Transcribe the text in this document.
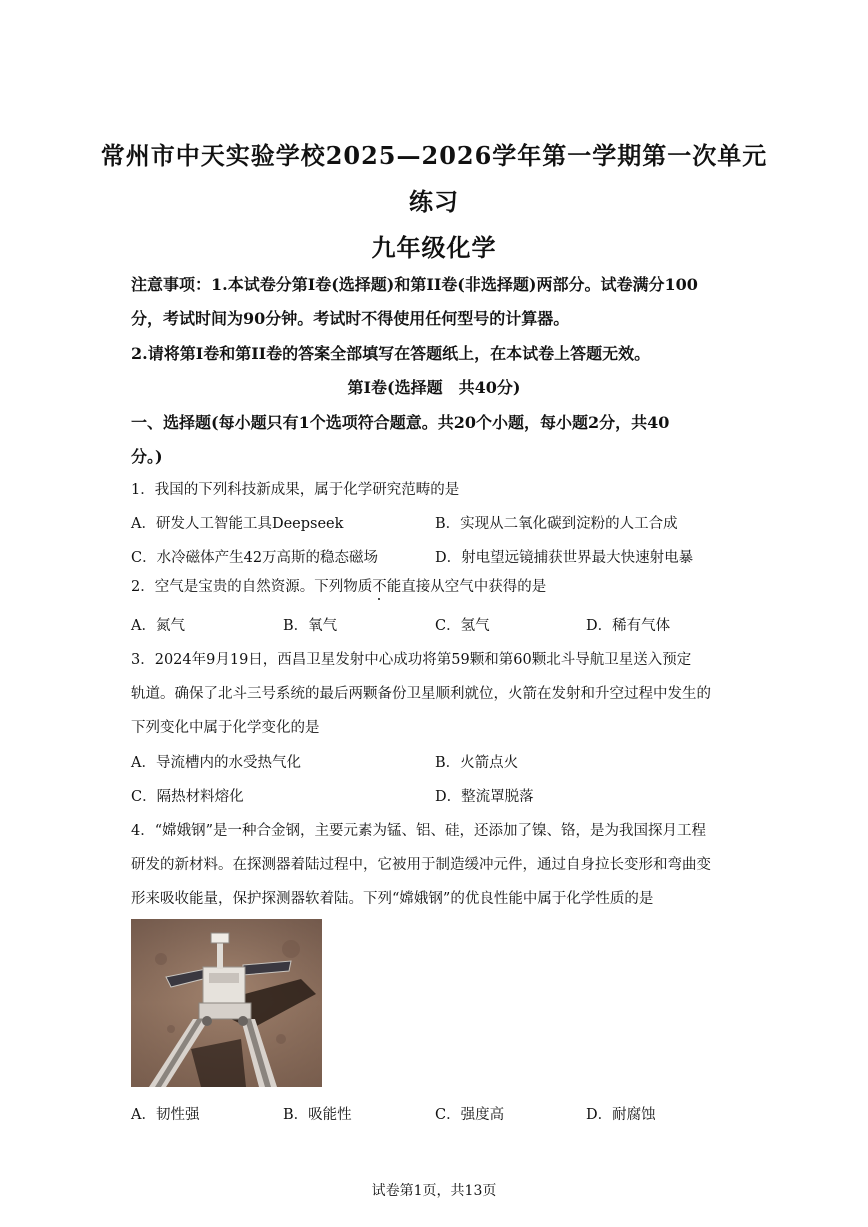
常州市中天实验学校2025—2026学年第一学期第一次单元
练习
九年级化学
注意事项：1.本试卷分第I卷(选择题)和第II卷(非选择题)两部分。试卷满分100
分，考试时间为90分钟。考试时不得使用任何型号的计算器。
2.请将第I卷和第II卷的答案全部填写在答题纸上，在本试卷上答题无效。
第I卷(选择题　共40分)
一、选择题(每小题只有1个选项符合题意。共20个小题，每小题2分，共40
分。)
1．我国的下列科技新成果，属于化学研究范畴的是
A．研发人工智能工具Deepseek	B．实现从二氧化碳到淀粉的人工合成
C．水冷磁体产生42万高斯的稳态磁场	D．射电望远镜捕获世界最大快速射电暴
2．空气是宝贵的自然资源。下列物质不能直接从空气中获得的是
A．氮气	B．氧气	C．氢气	D．稀有气体
3．2024年9月19日，西昌卫星发射中心成功将第59颗和第60颗北斗导航卫星送入预定
轨道。确保了北斗三号系统的最后两颗备份卫星顺利就位，火箭在发射和升空过程中发生的
下列变化中属于化学变化的是
A．导流槽内的水受热气化	B．火箭点火
C．隔热材料熔化	D．整流罩脱落
4．“嫦娥钢”是一种合金钢，主要元素为锰、铝、硅，还添加了镍、铬，是为我国探月工程
研发的新材料。在探测器着陆过程中，它被用于制造缓冲元件，通过自身拉长变形和弯曲变
形来吸收能量，保护探测器软着陆。下列“嫦娥钢”的优良性能中属于化学性质的是
A．韧性强	B．吸能性	C．强度高	D．耐腐蚀
试卷第1页，共13页
